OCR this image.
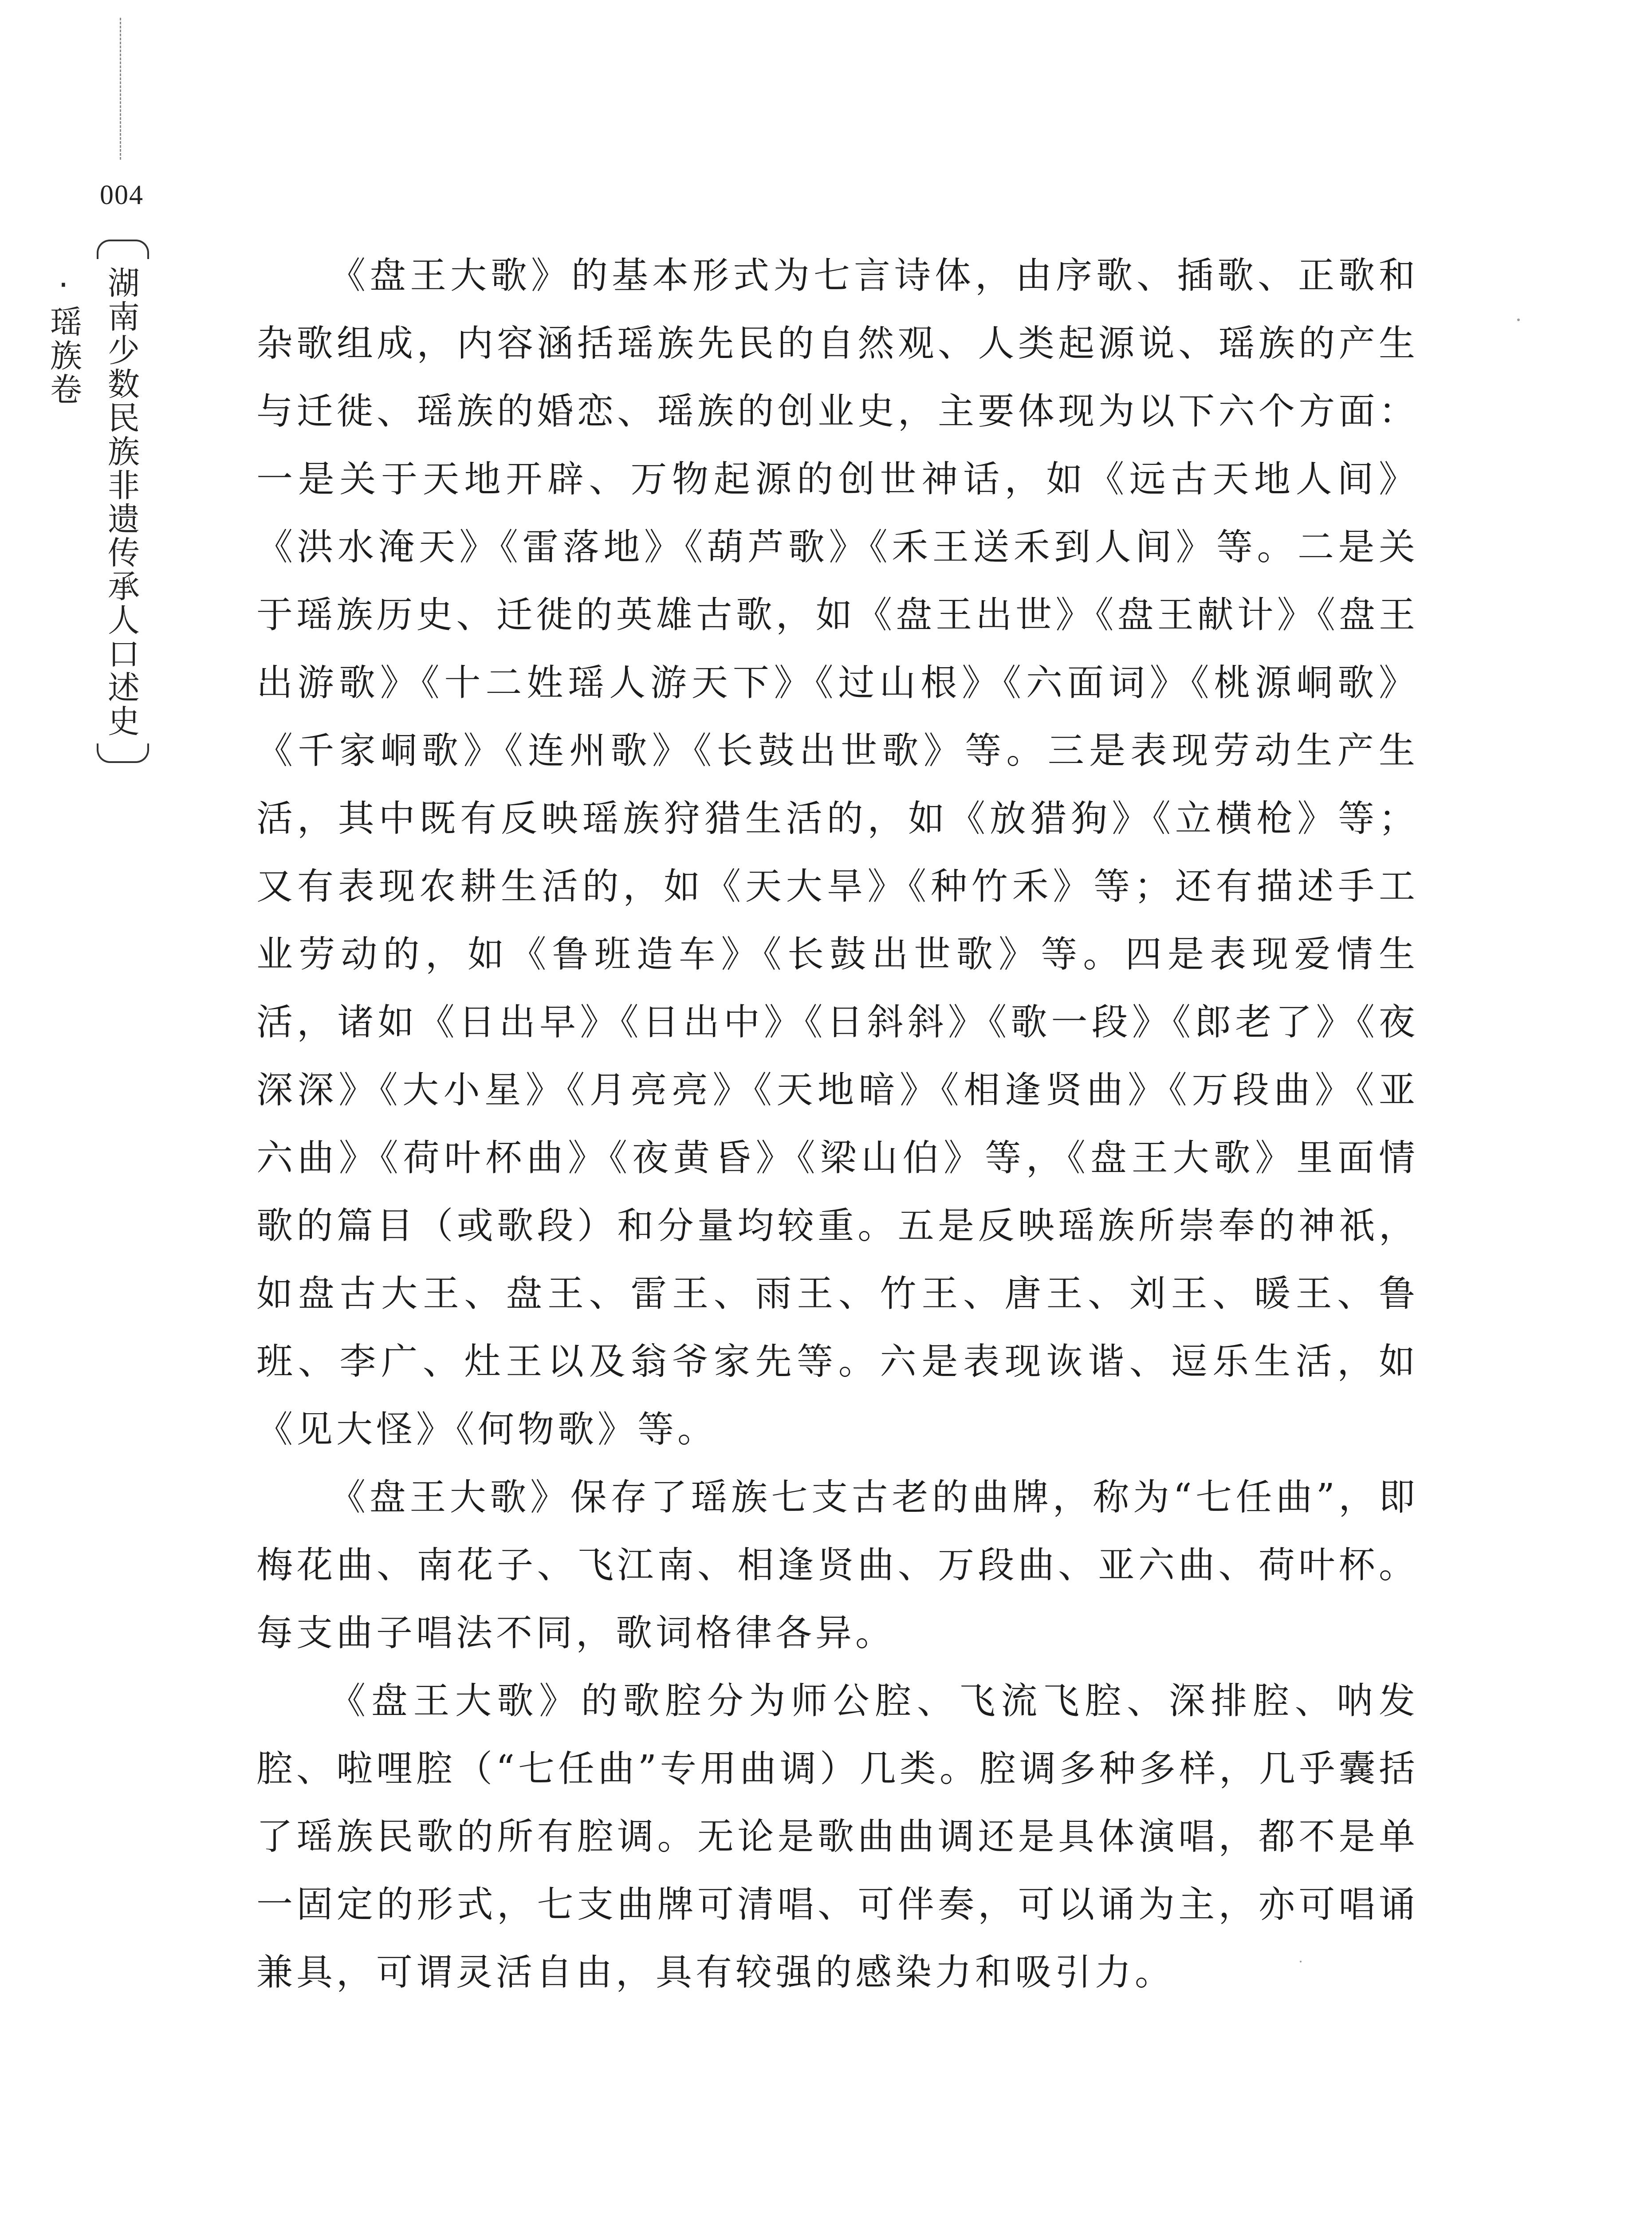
004
湖南少数民族非遗传承人口述史·瑶族卷	《盘王大歌》的基本形式为七言诗体，由序歌、插歌、正歌和杂歌组成，内容涵括瑶族先民的自然观、人类起源说、瑶族的产生与迁徙、瑶族的婚恋、瑶族的创业史，主要体现为以下六个方面：一是关于天地开辟、万物起源的创世神话，如《远古天地人间》《洪水淹天》《雷落地》《葫芦歌》《禾王送禾到人间》等。二是关于瑶族历史、迁徙的英雄古歌，如《盘王出世》《盘王献计》《盘王出游歌》《十二姓瑶人游天下》《过山根》《六面词》《桃源峒歌》《千家峒歌》《连州歌》《长鼓出世歌》等。三是表现劳动生产生活，其中既有反映瑶族狩猎生活的，如《放猎狗》《立横枪》等；又有表现农耕生活的，如《天大旱》《种竹禾》等；还有描述手工业劳动的，如《鲁班造车》《长鼓出世歌》等。四是表现爱情生活，诸如《日出早》《日出中》《日斜斜》《歌一段》《郎老了》《夜深深》《大小星》《月亮亮》《天地暗》《相逢贤曲》《万段曲》《亚六曲》《荷叶杯曲》《夜黄昏》《梁山伯》等，《盘王大歌》里面情歌的篇目（或歌段）和分量均较重。五是反映瑶族所崇奉的神祇，如盘古大王、盘王、雷王、雨王、竹王、唐王、刘王、暖王、鲁班、李广、灶王以及翁爷家先等。六是表现诙谐、逗乐生活，如《见大怪》《何物歌》等。

《盘王大歌》保存了瑶族七支古老的曲牌，称为“七任曲”，即梅花曲、南花子、飞江南、相逢贤曲、万段曲、亚六曲、荷叶杯。每支曲子唱法不同，歌词格律各异。

《盘王大歌》的歌腔分为师公腔、飞流飞腔、深排腔、呐发腔、啦哩腔（“七任曲”专用曲调）几类。腔调多种多样，几乎囊括了瑶族民歌的所有腔调。无论是歌曲曲调还是具体演唱，都不是单一固定的形式，七支曲牌可清唱、可伴奏，可以诵为主，亦可唱诵兼具，可谓灵活自由，具有较强的感染力和吸引力。
